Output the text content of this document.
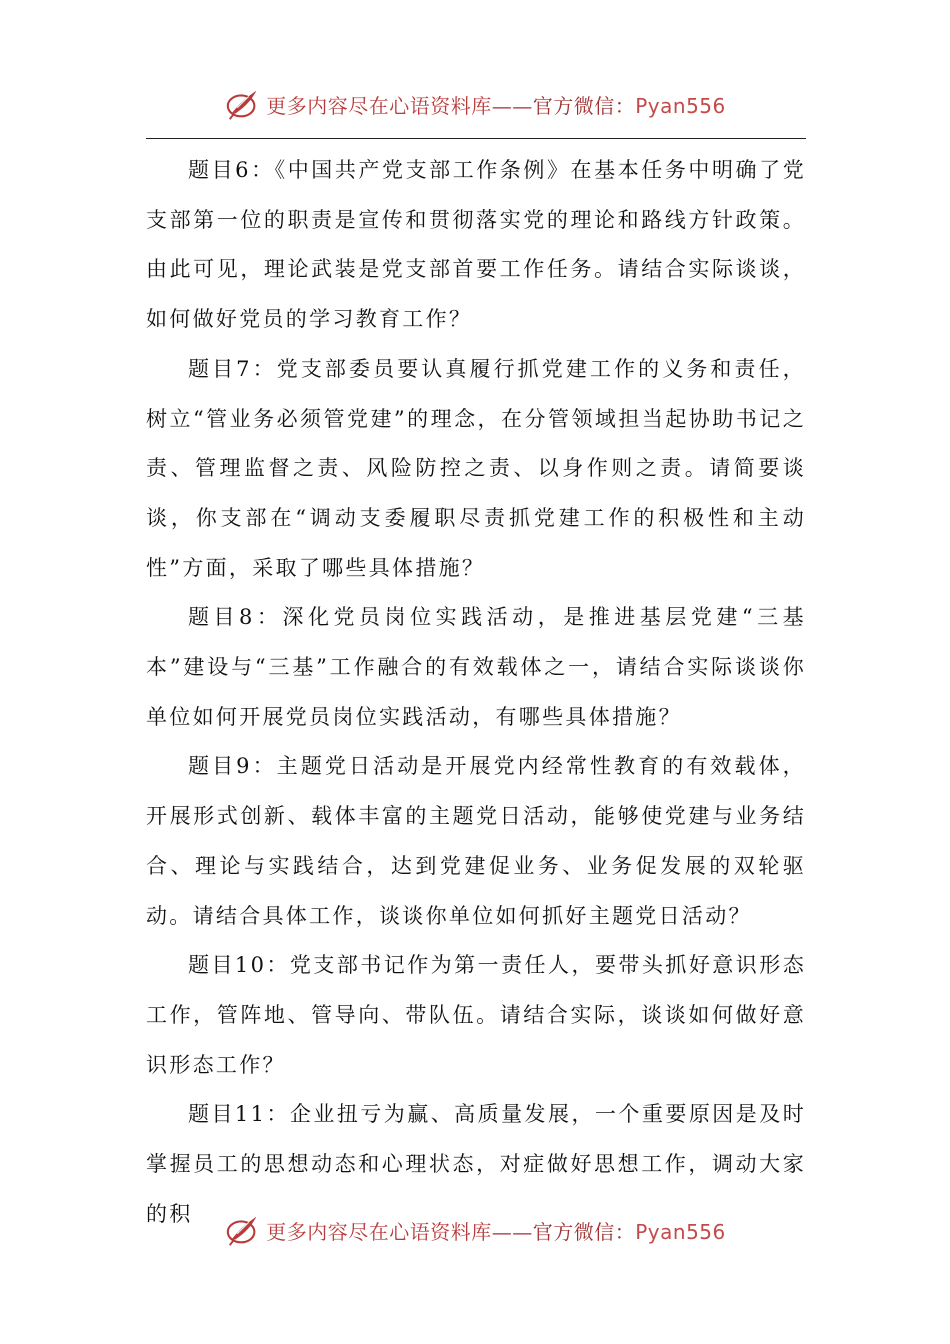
更多内容尽在心语资料库——官方微信：Pyan556

题目6：《中国共产党支部工作条例》在基本任务中明确了党支部第一位的职责是宣传和贯彻落实党的理论和路线方针政策。由此可见，理论武装是党支部首要工作任务。请结合实际谈谈，如何做好党员的学习教育工作？

题目7：党支部委员要认真履行抓党建工作的义务和责任，树立“管业务必须管党建”的理念，在分管领域担当起协助书记之责、管理监督之责、风险防控之责、以身作则之责。请简要谈谈，你支部在“调动支委履职尽责抓党建工作的积极性和主动性”方面，采取了哪些具体措施？

题目8：深化党员岗位实践活动，是推进基层党建“三基本”建设与“三基”工作融合的有效载体之一，请结合实际谈谈你单位如何开展党员岗位实践活动，有哪些具体措施？

题目9：主题党日活动是开展党内经常性教育的有效载体，开展形式创新、载体丰富的主题党日活动，能够使党建与业务结合、理论与实践结合，达到党建促业务、业务促发展的双轮驱动。请结合具体工作，谈谈你单位如何抓好主题党日活动？

题目10：党支部书记作为第一责任人，要带头抓好意识形态工作，管阵地、管导向、带队伍。请结合实际，谈谈如何做好意识形态工作？

题目11：企业扭亏为赢、高质量发展，一个重要原因是及时掌握员工的思想动态和心理状态，对症做好思想工作，调动大家的积

更多内容尽在心语资料库——官方微信：Pyan556
